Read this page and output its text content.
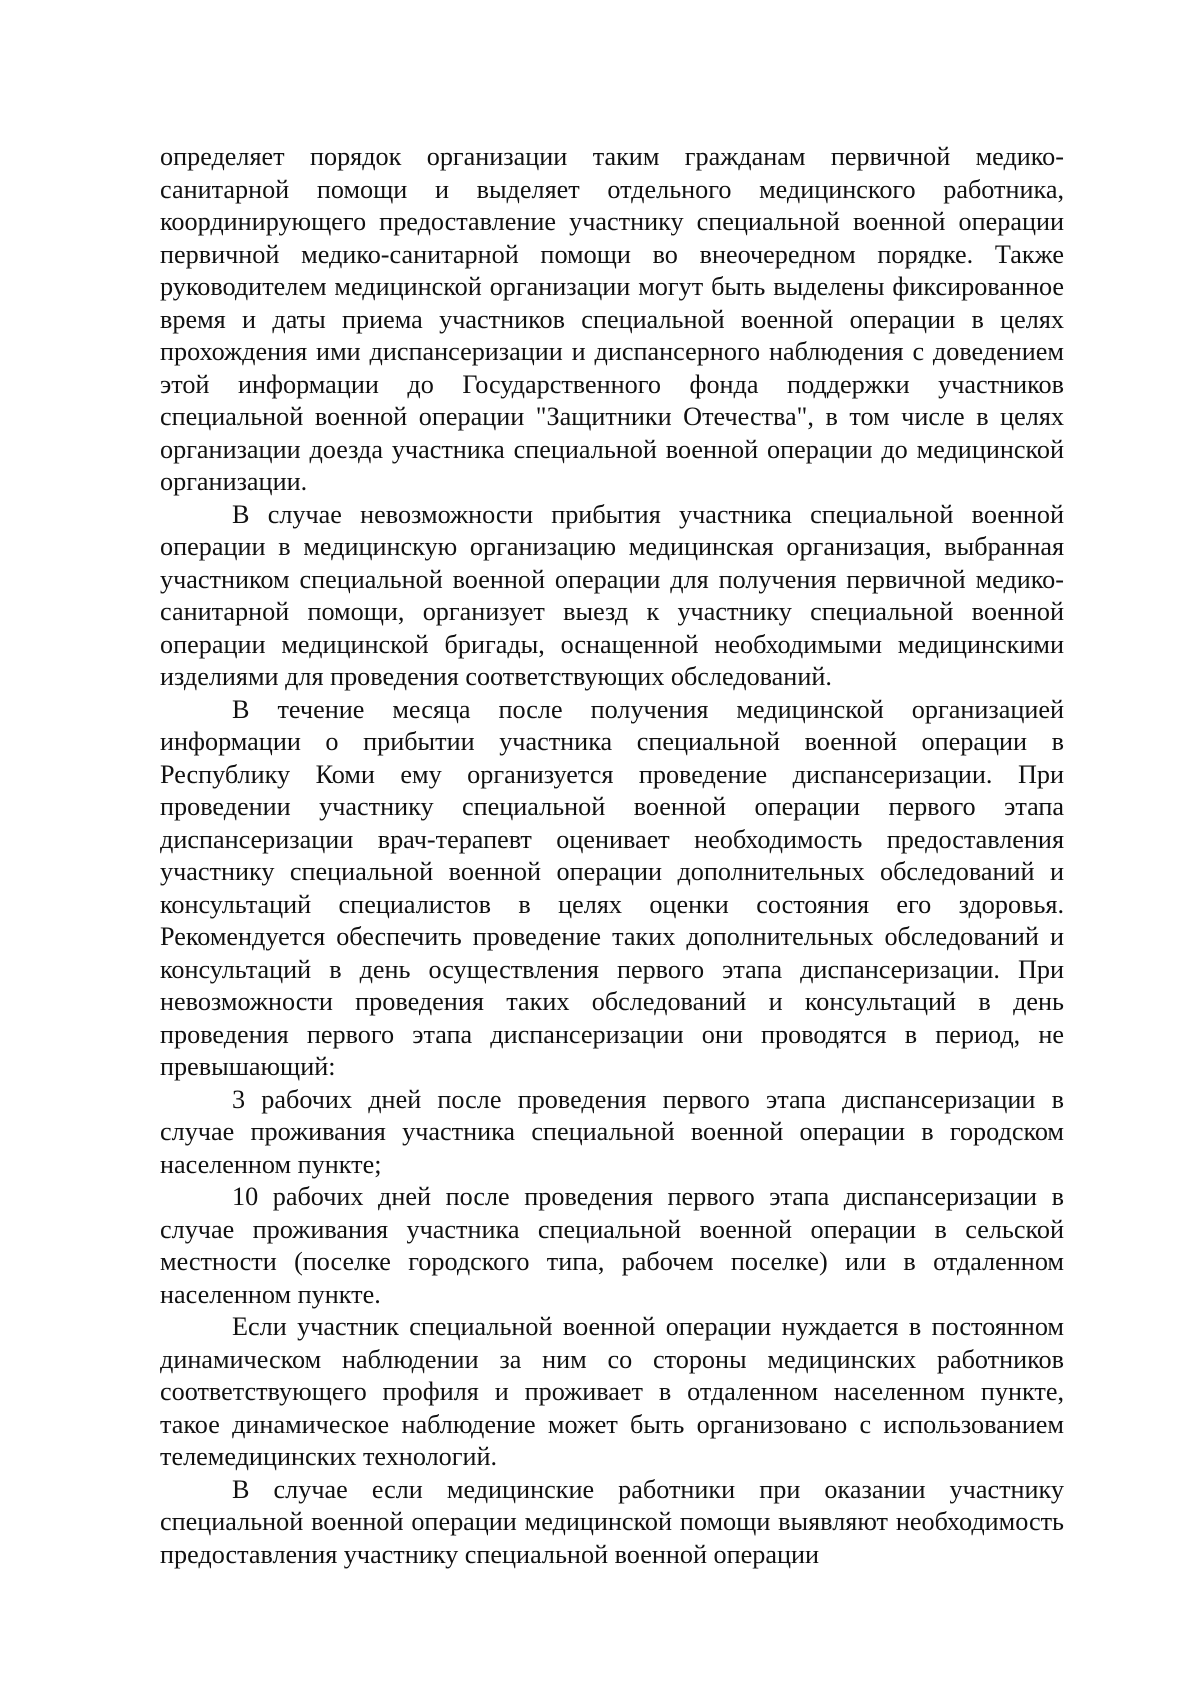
определяет порядок организации таким гражданам первичной медико-санитарной помощи и выделяет отдельного медицинского работника, координирующего предоставление участнику специальной военной операции первичной медико-санитарной помощи во внеочередном порядке. Также руководителем медицинской организации могут быть выделены фиксированное время и даты приема участников специальной военной операции в целях прохождения ими диспансеризации и диспансерного наблюдения с доведением этой информации до Государственного фонда поддержки участников специальной военной операции "Защитники Отечества", в том числе в целях организации доезда участника специальной военной операции до медицинской организации.

В случае невозможности прибытия участника специальной военной операции в медицинскую организацию медицинская организация, выбранная участником специальной военной операции для получения первичной медико-санитарной помощи, организует выезд к участнику специальной военной операции медицинской бригады, оснащенной необходимыми медицинскими изделиями для проведения соответствующих обследований.

В течение месяца после получения медицинской организацией информации о прибытии участника специальной военной операции в Республику Коми ему организуется проведение диспансеризации. При проведении участнику специальной военной операции первого этапа диспансеризации врач-терапевт оценивает необходимость предоставления участнику специальной военной операции дополнительных обследований и консультаций специалистов в целях оценки состояния его здоровья. Рекомендуется обеспечить проведение таких дополнительных обследований и консультаций в день осуществления первого этапа диспансеризации. При невозможности проведения таких обследований и консультаций в день проведения первого этапа диспансеризации они проводятся в период, не превышающий:

3 рабочих дней после проведения первого этапа диспансеризации в случае проживания участника специальной военной операции в городском населенном пункте;

10 рабочих дней после проведения первого этапа диспансеризации в случае проживания участника специальной военной операции в сельской местности (поселке городского типа, рабочем поселке) или в отдаленном населенном пункте.

Если участник специальной военной операции нуждается в постоянном динамическом наблюдении за ним со стороны медицинских работников соответствующего профиля и проживает в отдаленном населенном пункте, такое динамическое наблюдение может быть организовано с использованием телемедицинских технологий.

В случае если медицинские работники при оказании участнику специальной военной операции медицинской помощи выявляют необходимость предоставления участнику специальной военной операции
